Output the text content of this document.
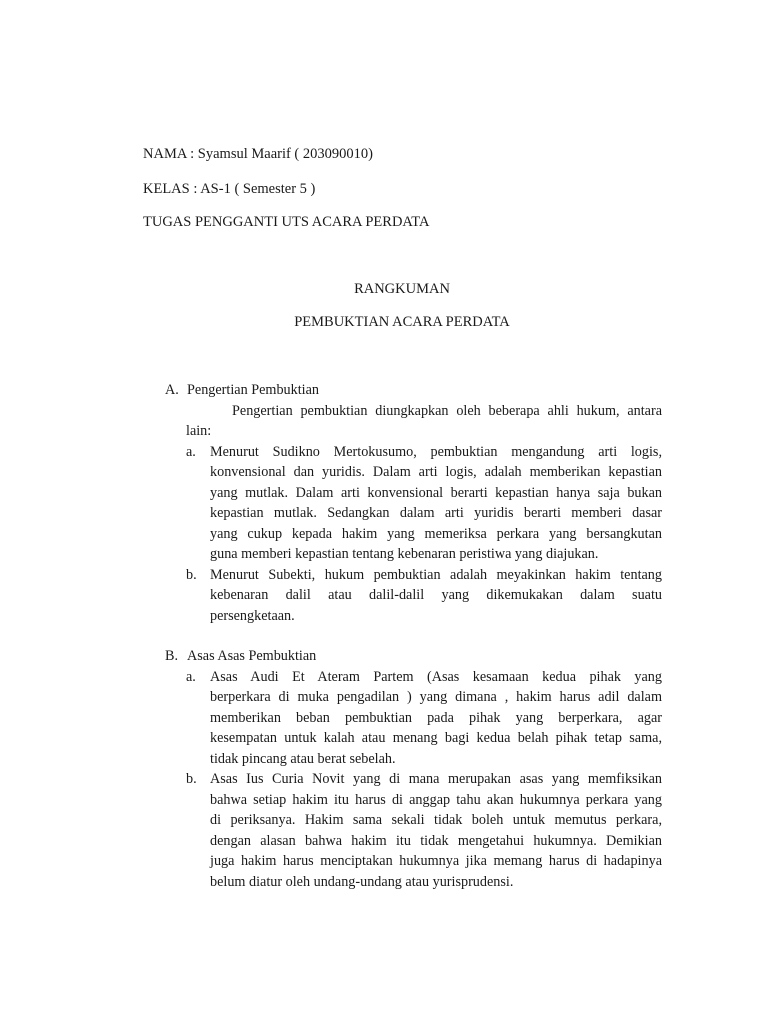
NAMA : Syamsul Maarif ( 203090010)
KELAS : AS-1 ( Semester 5 )
TUGAS PENGGANTI UTS ACARA PERDATA
RANGKUMAN
PEMBUKTIAN ACARA PERDATA
A. Pengertian Pembuktian
Pengertian pembuktian diungkapkan oleh beberapa ahli hukum, antara
lain:
a. Menurut Sudikno Mertokusumo, pembuktian mengandung arti logis,
konvensional dan yuridis. Dalam arti logis, adalah memberikan kepastian
yang mutlak. Dalam arti konvensional berarti kepastian hanya saja bukan
kepastian mutlak. Sedangkan dalam arti yuridis berarti memberi dasar
yang cukup kepada hakim yang memeriksa perkara yang bersangkutan
guna memberi kepastian tentang kebenaran peristiwa yang diajukan.
b. Menurut Subekti, hukum pembuktian adalah meyakinkan hakim tentang
kebenaran dalil atau dalil-dalil yang dikemukakan dalam suatu
persengketaan.
B. Asas Asas Pembuktian
a. Asas Audi Et Ateram Partem (Asas kesamaan kedua pihak yang
berperkara di muka pengadilan ) yang dimana , hakim harus adil dalam
memberikan beban pembuktian pada pihak yang berperkara, agar
kesempatan untuk kalah atau menang bagi kedua belah pihak tetap sama,
tidak pincang atau berat sebelah.
b. Asas Ius Curia Novit yang di mana merupakan asas yang memfiksikan
bahwa setiap hakim itu harus di anggap tahu akan hukumnya perkara yang
di periksanya. Hakim sama sekali tidak boleh untuk memutus perkara,
dengan alasan bahwa hakim itu tidak mengetahui hukumnya. Demikian
juga hakim harus menciptakan hukumnya jika memang harus di hadapinya
belum diatur oleh undang-undang atau yurisprudensi.
